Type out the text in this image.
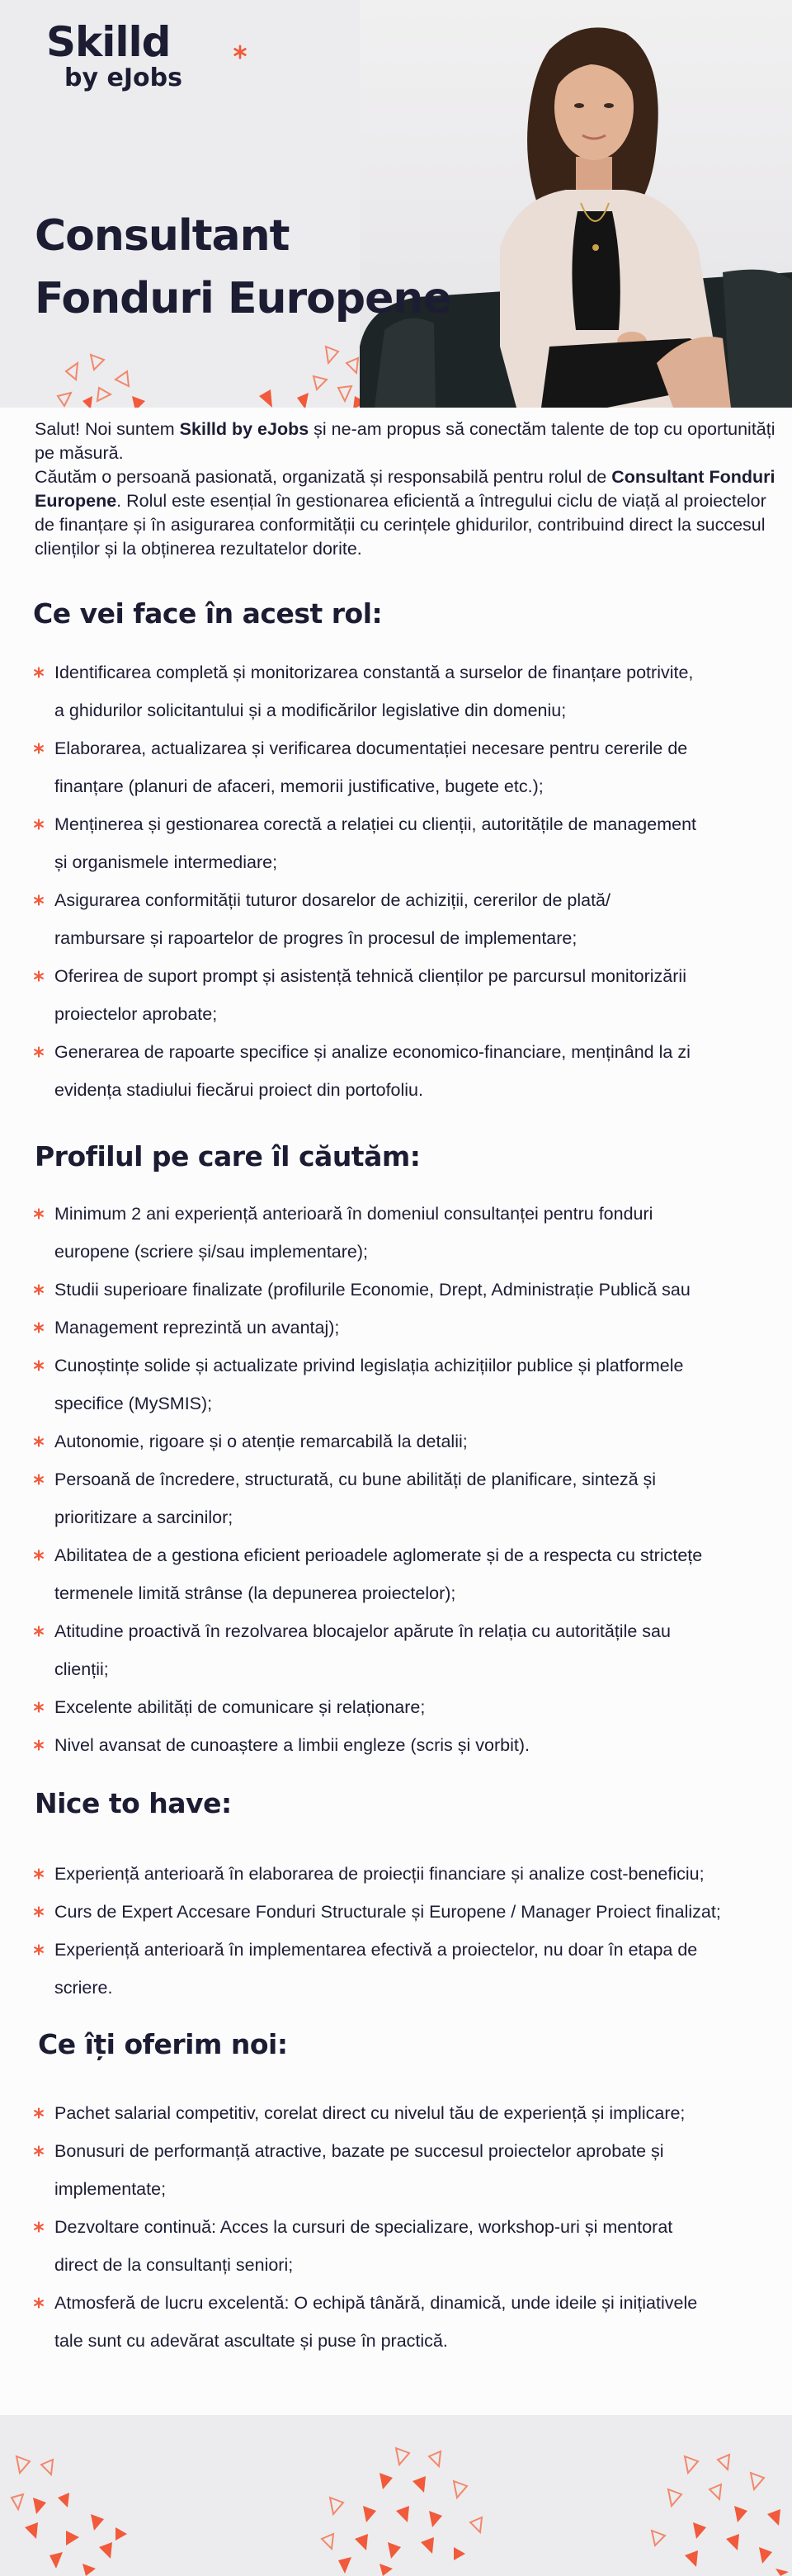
Skilld
by eJobs
Consultant
Fonduri Europene

Salut! Noi suntem Skilld by eJobs și ne-am propus să conectăm talente de top cu oportunități pe măsură.

Căutăm o persoană pasionată, organizată și responsabilă pentru rolul de Consultant Fonduri Europene. Rolul este esențial în gestionarea eficientă a întregului ciclu de viață al proiectelor de finanțare și în asigurarea conformității cu cerințele ghidurilor, contribuind direct la succesul clienților și la obținerea rezultatelor dorite.

Ce vei face în acest rol:
Identificarea completă și monitorizarea constantă a surselor de finanțare potrivite,
a ghidurilor solicitantului și a modificărilor legislative din domeniu;
Elaborarea, actualizarea și verificarea documentației necesare pentru cererile de
finanțare (planuri de afaceri, memorii justificative, bugete etc.);
Menținerea și gestionarea corectă a relației cu clienții, autoritățile de management
și organismele intermediare;
Asigurarea conformității tuturor dosarelor de achiziții, cererilor de plată/
rambursare și rapoartelor de progres în procesul de implementare;
Oferirea de suport prompt și asistență tehnică clienților pe parcursul monitorizării
proiectelor aprobate;
Generarea de rapoarte specifice și analize economico-financiare, menținând la zi
evidența stadiului fiecărui proiect din portofoliu.
Profilul pe care îl căutăm:
Minimum 2 ani experiență anterioară în domeniul consultanței pentru fonduri
europene (scriere și/sau implementare);
Studii superioare finalizate (profilurile Economie, Drept, Administrație Publică sau
Management reprezintă un avantaj);
Cunoștințe solide și actualizate privind legislația achizițiilor publice și platformele
specifice (MySMIS);
Autonomie, rigoare și o atenție remarcabilă la detalii;
Persoană de încredere, structurată, cu bune abilități de planificare, sinteză și
prioritizare a sarcinilor;
Abilitatea de a gestiona eficient perioadele aglomerate și de a respecta cu strictețe
termenele limită strânse (la depunerea proiectelor);
Atitudine proactivă în rezolvarea blocajelor apărute în relația cu autoritățile sau
clienții;
Excelente abilități de comunicare și relaționare;
Nivel avansat de cunoaștere a limbii engleze (scris și vorbit).
Nice to have:
Experiență anterioară în elaborarea de proiecții financiare și analize cost-beneficiu;
Curs de Expert Accesare Fonduri Structurale și Europene / Manager Proiect finalizat;
Experiență anterioară în implementarea efectivă a proiectelor, nu doar în etapa de
scriere.
Ce îți oferim noi:
Pachet salarial competitiv, corelat direct cu nivelul tău de experiență și implicare;
Bonusuri de performanță atractive, bazate pe succesul proiectelor aprobate și
implementate;
Dezvoltare continuă: Acces la cursuri de specializare, workshop-uri și mentorat
direct de la consultanți seniori;
Atmosferă de lucru excelentă: O echipă tânără, dinamică, unde ideile și inițiativele
tale sunt cu adevărat ascultate și puse în practică.
